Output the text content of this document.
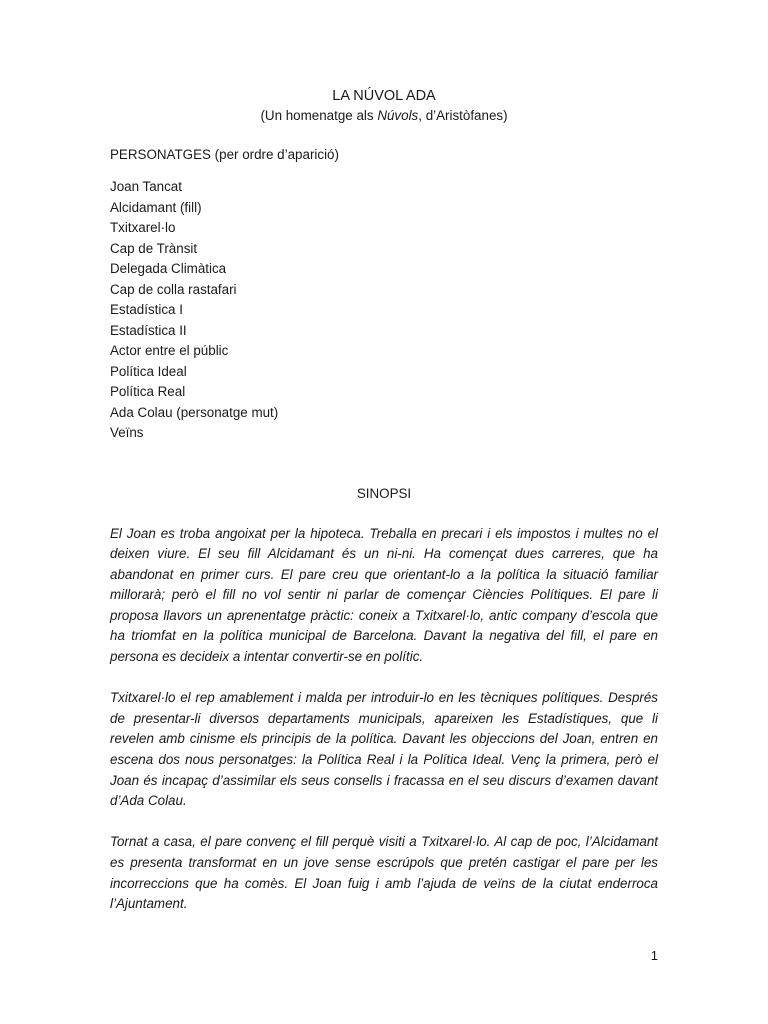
LA NÚVOL ADA

(Un homenatge als Núvols, d’Aristòfanes)

PERSONATGES (per ordre d’aparició)

Joan Tancat
Alcidamant (fill)
Txitxarel·lo
Cap de Trànsit
Delegada Climàtica
Cap de colla rastafari
Estadística I
Estadística II
Actor entre el públic
Política Ideal
Política Real
Ada Colau (personatge mut)
Veïns
SINOPSI

El Joan es troba angoixat per la hipoteca. Treballa en precari i els impostos i multes no el deixen viure. El seu fill Alcidamant és un ni-ni. Ha començat dues carreres, que ha abandonat en primer curs. El pare creu que orientant-lo a la política la situació familiar millorarà; però el fill no vol sentir ni parlar de començar Ciències Polítiques. El pare li proposa llavors un aprenentatge pràctic: coneix a Txitxarel·lo, antic company d’escola que ha triomfat en la política municipal de Barcelona. Davant la negativa del fill, el pare en persona es decideix a intentar convertir-se en polític.

Txitxarel·lo el rep amablement i malda per introduir-lo en les tècniques polítiques. Després de presentar-li diversos departaments municipals, apareixen les Estadístiques, que li revelen amb cinisme els principis de la política. Davant les objeccions del Joan, entren en escena dos nous personatges: la Política Real i la Política Ideal. Venç la primera, però el Joan és incapaç d’assimilar els seus consells i fracassa en el seu discurs d’examen davant d’Ada Colau.

Tornat a casa, el pare convenç el fill perquè visiti a Txitxarel·lo. Al cap de poc, l’Alcidamant es presenta transformat en un jove sense escrúpols que pretén castigar el pare per les incorreccions que ha comès. El Joan fuig i amb l’ajuda de veïns de la ciutat enderroca l’Ajuntament.

1
